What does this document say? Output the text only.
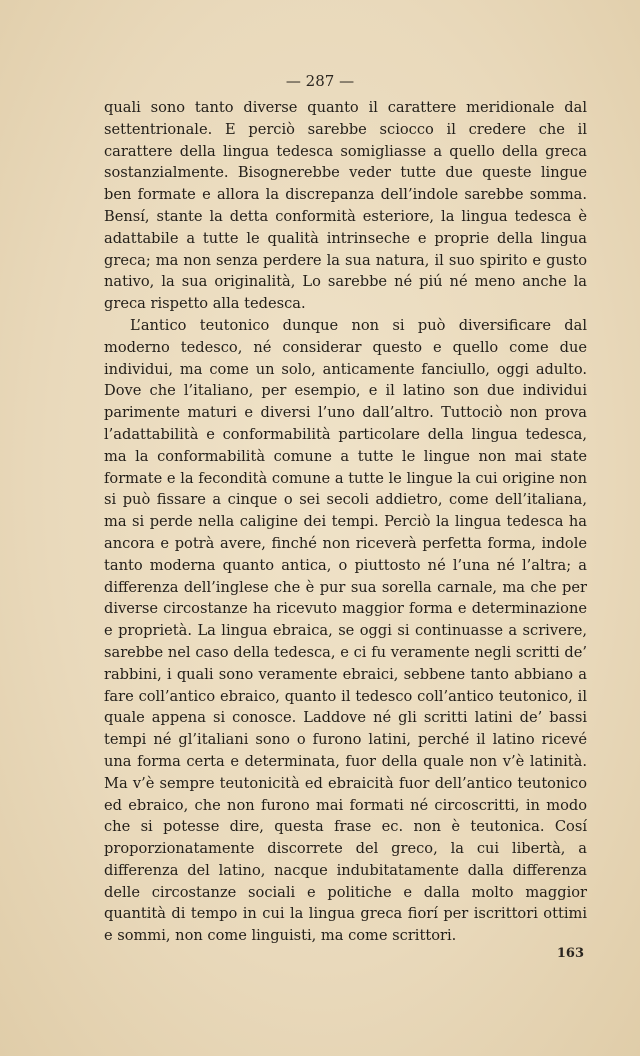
— 287 —

quali sono tanto diverse quanto il carattere meridionale dal settentrionale. E perciò sarebbe sciocco il credere che il carattere della lingua tedesca somigliasse a quello della greca sostanzialmente. Bisognerebbe veder tutte due queste lingue ben formate e allora la discrepanza dell’indole sarebbe somma. Bensí, stante la detta conformità esteriore, la lingua tedesca è adattabile a tutte le qualità intrinseche e proprie della lingua greca; ma non senza perdere la sua natura, il suo spirito e gusto nativo, la sua originalità, Lo sarebbe né piú né meno anche la greca rispetto alla tedesca.

L’antico teutonico dunque non si può diversificare dal moderno tedesco, né considerar questo e quello come due individui, ma come un solo, anticamente fanciullo, oggi adulto. Dove che l’italiano, per esempio, e il latino son due individui parimente maturi e diversi l’uno dall’altro. Tuttociò non prova l’adattabilità e conformabilità particolare della lingua tedesca, ma la conformabilità comune a tutte le lingue non mai state formate e la fecondità comune a tutte le lingue la cui origine non si può fissare a cinque o sei secoli addietro, come dell’italiana, ma si perde nella caligine dei tempi. Perciò la lingua tedesca ha ancora e potrà avere, finché non riceverà perfetta forma, indole tanto moderna quanto antica, o piuttosto né l’una né l’altra; a differenza dell’inglese che è pur sua sorella carnale, ma che per diverse circostanze ha ricevuto maggior forma e determinazione e proprietà. La lingua ebraica, se oggi si continuasse a scrivere, sarebbe nel caso della tedesca, e ci fu veramente negli scritti de’ rabbini, i quali sono veramente ebraici, sebbene tanto abbiano a fare coll’antico ebraico, quanto il tedesco coll’antico teutonico, il quale appena si conosce. Laddove né gli scritti latini de’ bassi tempi né gl’italiani sono o furono latini, perché il latino ricevé una forma certa e determinata, fuor della quale non v’è latinità. Ma v’è sempre teutonicità ed ebraicità fuor dell’antico teutonico ed ebraico, che non furono mai formati né circoscritti, in modo che si potesse dire, questa frase ec. non è teutonica. Cosí proporzionatamente discorrete del greco, la cui libertà, a differenza del latino, nacque indubitatamente dalla differenza delle circostanze sociali e politiche e dalla molto maggior quantità di tempo in cui la lingua greca fiorí per iscrittori ottimi e sommi, non come linguisti, ma come scrittori.

163
